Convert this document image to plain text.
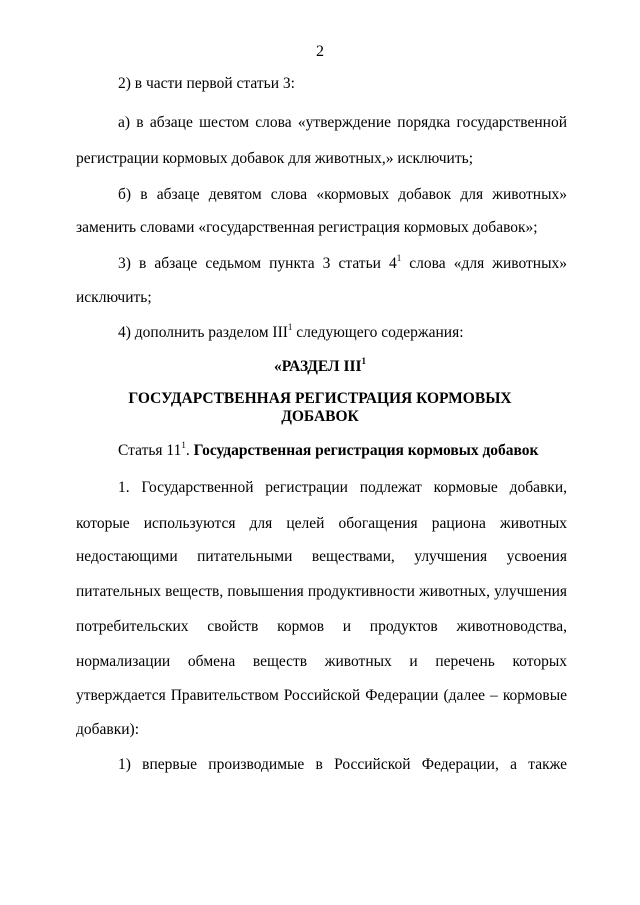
2
2) в части первой статьи 3:
а) в абзаце шестом слова «утверждение порядка государственной
регистрации кормовых добавок для животных,» исключить;
б) в абзаце девятом слова «кормовых добавок для животных»
заменить словами «государственная регистрация кормовых добавок»;
3) в абзаце седьмом пункта 3 статьи $4^1$ слова «для животных»
исключить;
4) дополнить разделом III$^1$ следующего содержания:
«РАЗДЕЛ III$^1$
ГОСУДАРСТВЕННАЯ РЕГИСТРАЦИЯ КОРМОВЫХ
ДОБАВОК
Статья $11^1$. Государственная регистрация кормовых добавок
1. Государственной регистрации подлежат кормовые добавки,
которые используются для целей обогащения рациона животных
недостающими питательными веществами, улучшения усвоения
питательных веществ, повышения продуктивности животных, улучшения
потребительских свойств кормов и продуктов животноводства,
нормализации обмена веществ животных и перечень которых
утверждается Правительством Российской Федерации (далее – кормовые
добавки):
1) впервые производимые в Российской Федерации, а также
